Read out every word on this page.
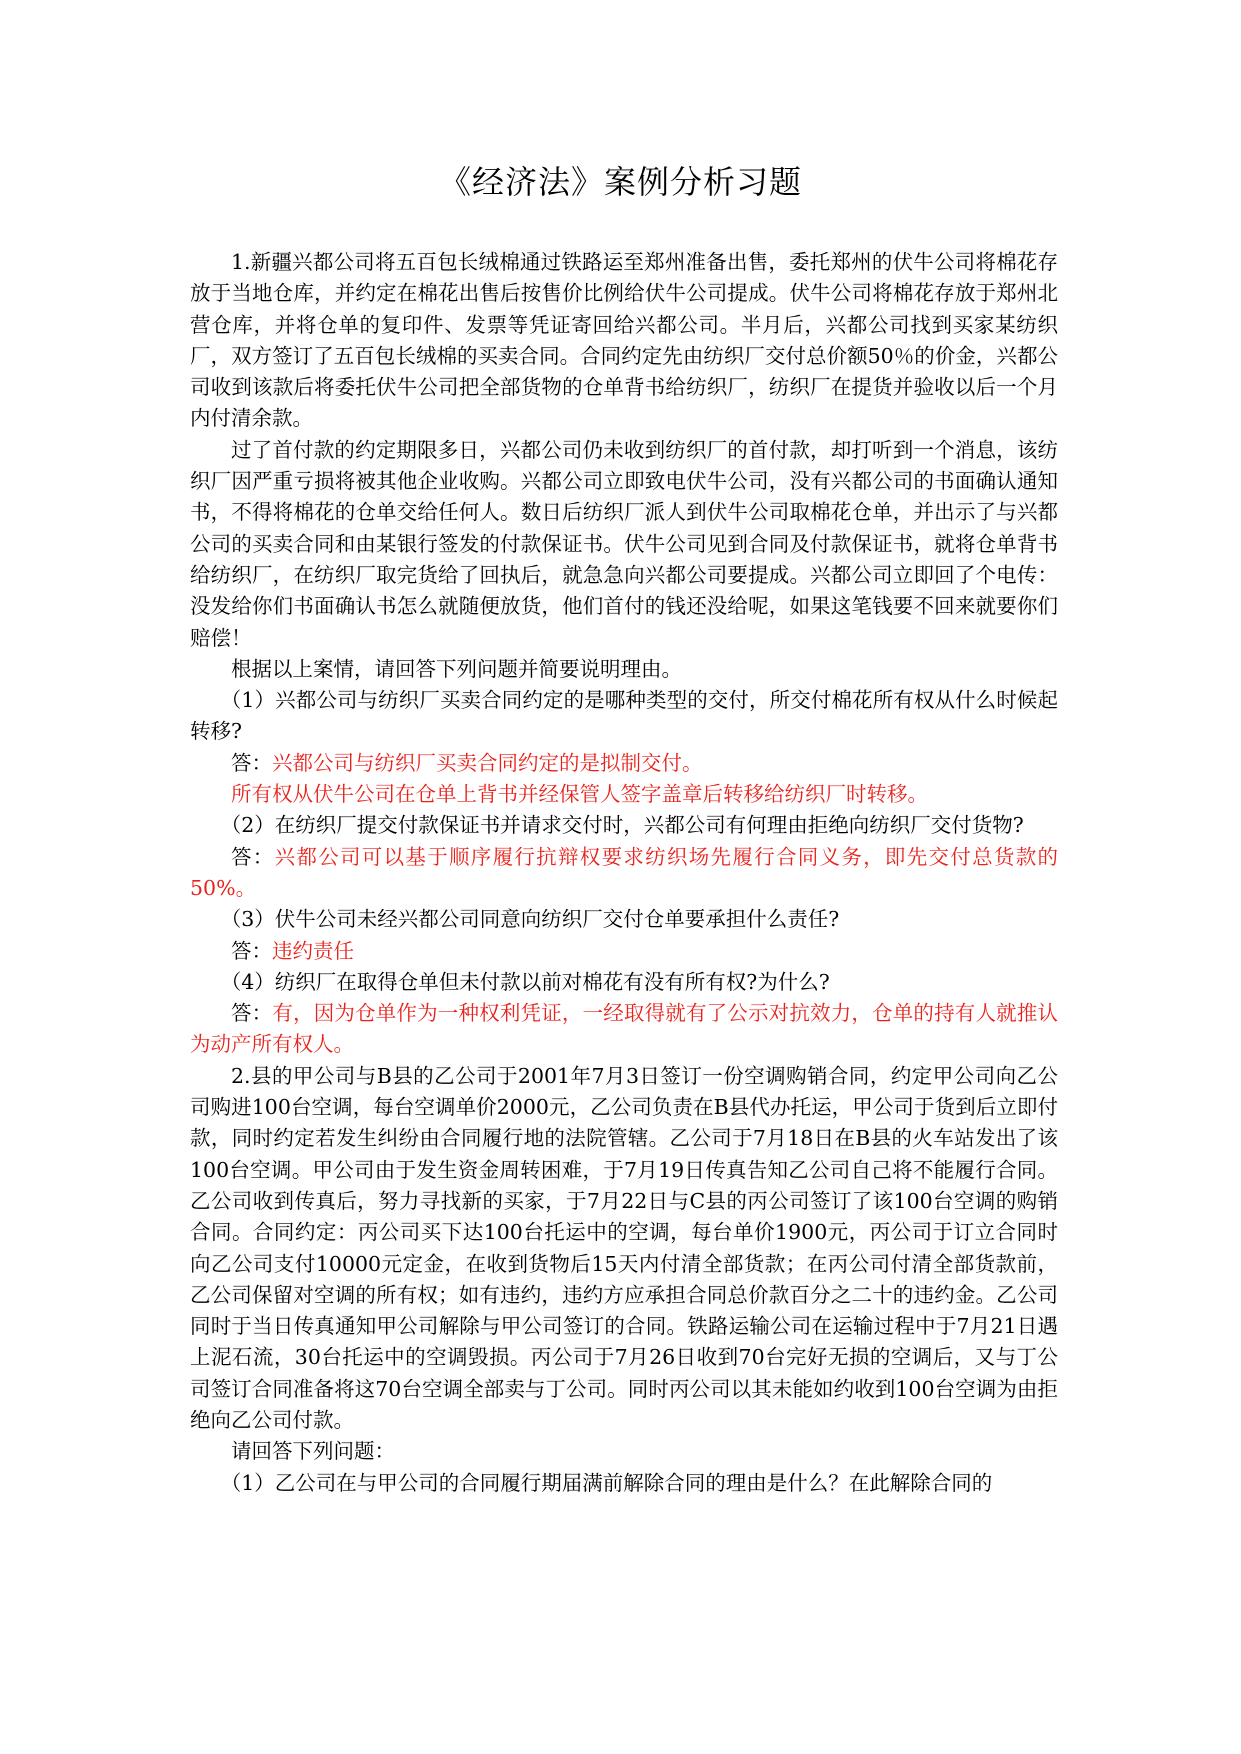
《经济法》案例分析习题

1.新疆兴都公司将五百包长绒棉通过铁路运至郑州准备出售，委托郑州的伏牛公司将棉花存放于当地仓库，并约定在棉花出售后按售价比例给伏牛公司提成。伏牛公司将棉花存放于郑州北营仓库，并将仓单的复印件、发票等凭证寄回给兴都公司。半月后，兴都公司找到买家某纺织厂，双方签订了五百包长绒棉的买卖合同。合同约定先由纺织厂交付总价额50％的价金，兴都公司收到该款后将委托伏牛公司把全部货物的仓单背书给纺织厂，纺织厂在提货并验收以后一个月内付清余款。

过了首付款的约定期限多日，兴都公司仍未收到纺织厂的首付款，却打听到一个消息，该纺织厂因严重亏损将被其他企业收购。兴都公司立即致电伏牛公司，没有兴都公司的书面确认通知书，不得将棉花的仓单交给任何人。数日后纺织厂派人到伏牛公司取棉花仓单，并出示了与兴都公司的买卖合同和由某银行签发的付款保证书。伏牛公司见到合同及付款保证书，就将仓单背书给纺织厂，在纺织厂取完货给了回执后，就急急向兴都公司要提成。兴都公司立即回了个电传：没发给你们书面确认书怎么就随便放货，他们首付的钱还没给呢，如果这笔钱要不回来就要你们赔偿！

根据以上案情，请回答下列问题并简要说明理由。

（1）兴都公司与纺织厂买卖合同约定的是哪种类型的交付，所交付棉花所有权从什么时候起转移?

答：兴都公司与纺织厂买卖合同约定的是拟制交付。

所有权从伏牛公司在仓单上背书并经保管人签字盖章后转移给纺织厂时转移。

（2）在纺织厂提交付款保证书并请求交付时，兴都公司有何理由拒绝向纺织厂交付货物?

答：兴都公司可以基于顺序履行抗辩权要求纺织场先履行合同义务，即先交付总货款的50%。

（3）伏牛公司未经兴都公司同意向纺织厂交付仓单要承担什么责任?

答：违约责任

（4）纺织厂在取得仓单但未付款以前对棉花有没有所有权?为什么?

答：有，因为仓单作为一种权利凭证，一经取得就有了公示对抗效力，仓单的持有人就推认为动产所有权人。

2.县的甲公司与B县的乙公司于2001年7月3日签订一份空调购销合同，约定甲公司向乙公司购进100台空调，每台空调单价2000元，乙公司负责在B县代办托运，甲公司于货到后立即付款，同时约定若发生纠纷由合同履行地的法院管辖。乙公司于7月18日在B县的火车站发出了该100台空调。甲公司由于发生资金周转困难，于7月19日传真告知乙公司自己将不能履行合同。乙公司收到传真后，努力寻找新的买家，于7月22日与C县的丙公司签订了该100台空调的购销合同。合同约定：丙公司买下达100台托运中的空调，每台单价1900元，丙公司于订立合同时向乙公司支付10000元定金，在收到货物后15天内付清全部货款；在丙公司付清全部货款前，乙公司保留对空调的所有权；如有违约，违约方应承担合同总价款百分之二十的违约金。乙公司同时于当日传真通知甲公司解除与甲公司签订的合同。铁路运输公司在运输过程中于7月21日遇上泥石流，30台托运中的空调毁损。丙公司于7月26日收到70台完好无损的空调后，又与丁公司签订合同准备将这70台空调全部卖与丁公司。同时丙公司以其未能如约收到100台空调为由拒绝向乙公司付款。

请回答下列问题：

（1）乙公司在与甲公司的合同履行期届满前解除合同的理由是什么？在此解除合同的
